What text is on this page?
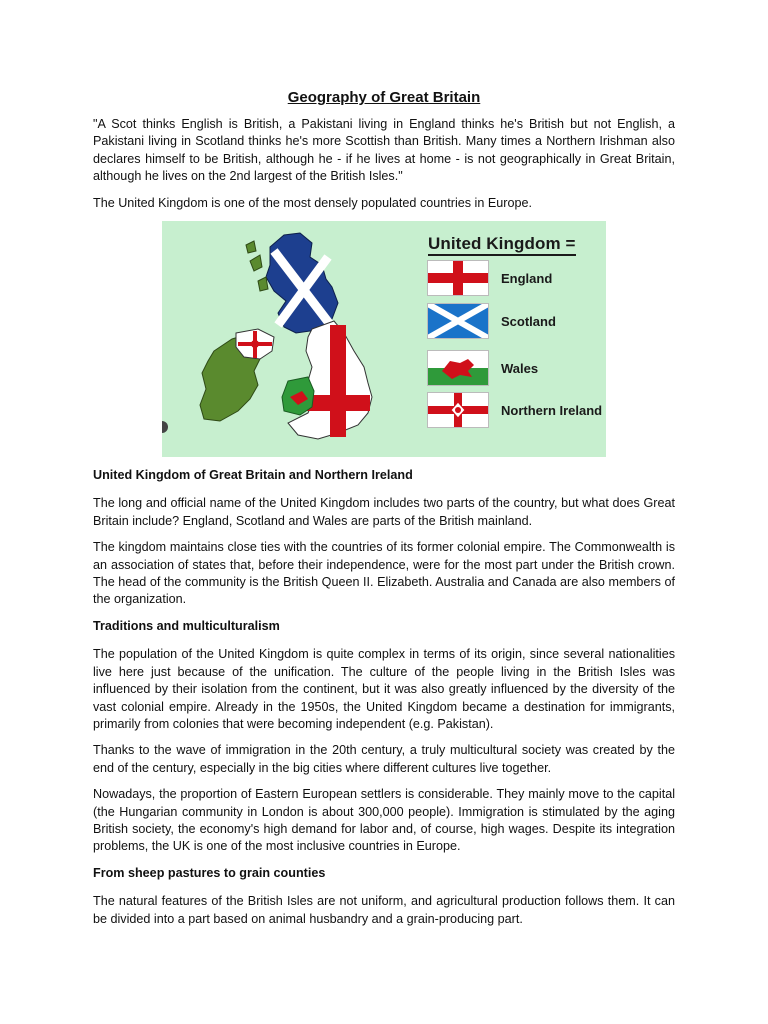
Geography of Great Britain

"A Scot thinks English is British, a Pakistani living in England thinks he's British but not English, a Pakistani living in Scotland thinks he's more Scottish than British. Many times a Northern Irishman also declares himself to be British, although he - if he lives at home - is not geographically in Great Britain, although he lives on the 2nd largest of the British Isles."

The United Kingdom is one of the most densely populated countries in Europe.

United Kingdom =
England
Scotland
Wales
Northern Ireland

United Kingdom of Great Britain and Northern Ireland

The long and official name of the United Kingdom includes two parts of the country, but what does Great Britain include? England, Scotland and Wales are parts of the British mainland.

The kingdom maintains close ties with the countries of its former colonial empire. The Commonwealth is an association of states that, before their independence, were for the most part under the British crown. The head of the community is the British Queen II. Elizabeth. Australia and Canada are also members of the organization.

Traditions and multiculturalism

The population of the United Kingdom is quite complex in terms of its origin, since several nationalities live here just because of the unification. The culture of the people living in the British Isles was influenced by their isolation from the continent, but it was also greatly influenced by the diversity of the vast colonial empire. Already in the 1950s, the United Kingdom became a destination for immigrants, primarily from colonies that were becoming independent (e.g. Pakistan).

Thanks to the wave of immigration in the 20th century, a truly multicultural society was created by the end of the century, especially in the big cities where different cultures live together.

Nowadays, the proportion of Eastern European settlers is considerable. They mainly move to the capital (the Hungarian community in London is about 300,000 people). Immigration is stimulated by the aging British society, the economy's high demand for labor and, of course, high wages. Despite its integration problems, the UK is one of the most inclusive countries in Europe.

From sheep pastures to grain counties

The natural features of the British Isles are not uniform, and agricultural production follows them. It can be divided into a part based on animal husbandry and a grain-producing part.
